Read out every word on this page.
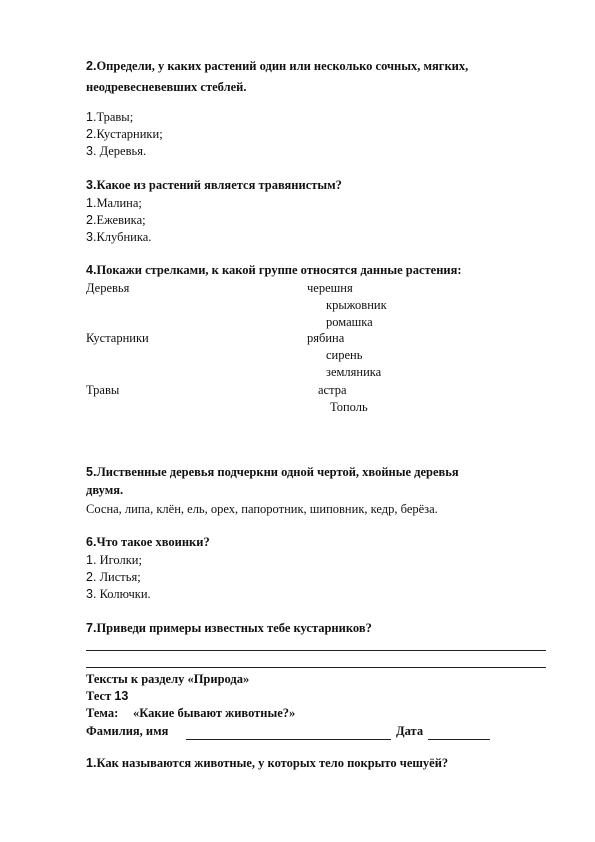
2.Определи, у каких растений один или несколько сочных, мягких,
неодревесневевших стеблей.
1.Травы;
2.Кустарники;
3. Деревья.
3.Какое из растений является травянистым?
1.Малина;
2.Ежевика;
3.Клубника.
4.Покажи стрелками, к какой группе относятся данные растения:
Деревья
Кустарники
Травы
черешня
крыжовник
ромашка
рябина
сирень
земляника
астра
Тополь
5.Лиственные деревья подчеркни одной чертой, хвойные деревья
двумя.
Сосна, липа, клён, ель, орех, папоротник, шиповник, кедр, берёза.
6.Что такое хвоинки?
1. Иголки;
2. Листья;
3. Колючки.
7.Приведи примеры известных тебе кустарников?
Тексты к разделу «Природа»
Тест 13
Тема: «Какие бывают животные?»
Фамилия, имя	Дата
1.Как называются животные, у которых тело покрыто чешуёй?
